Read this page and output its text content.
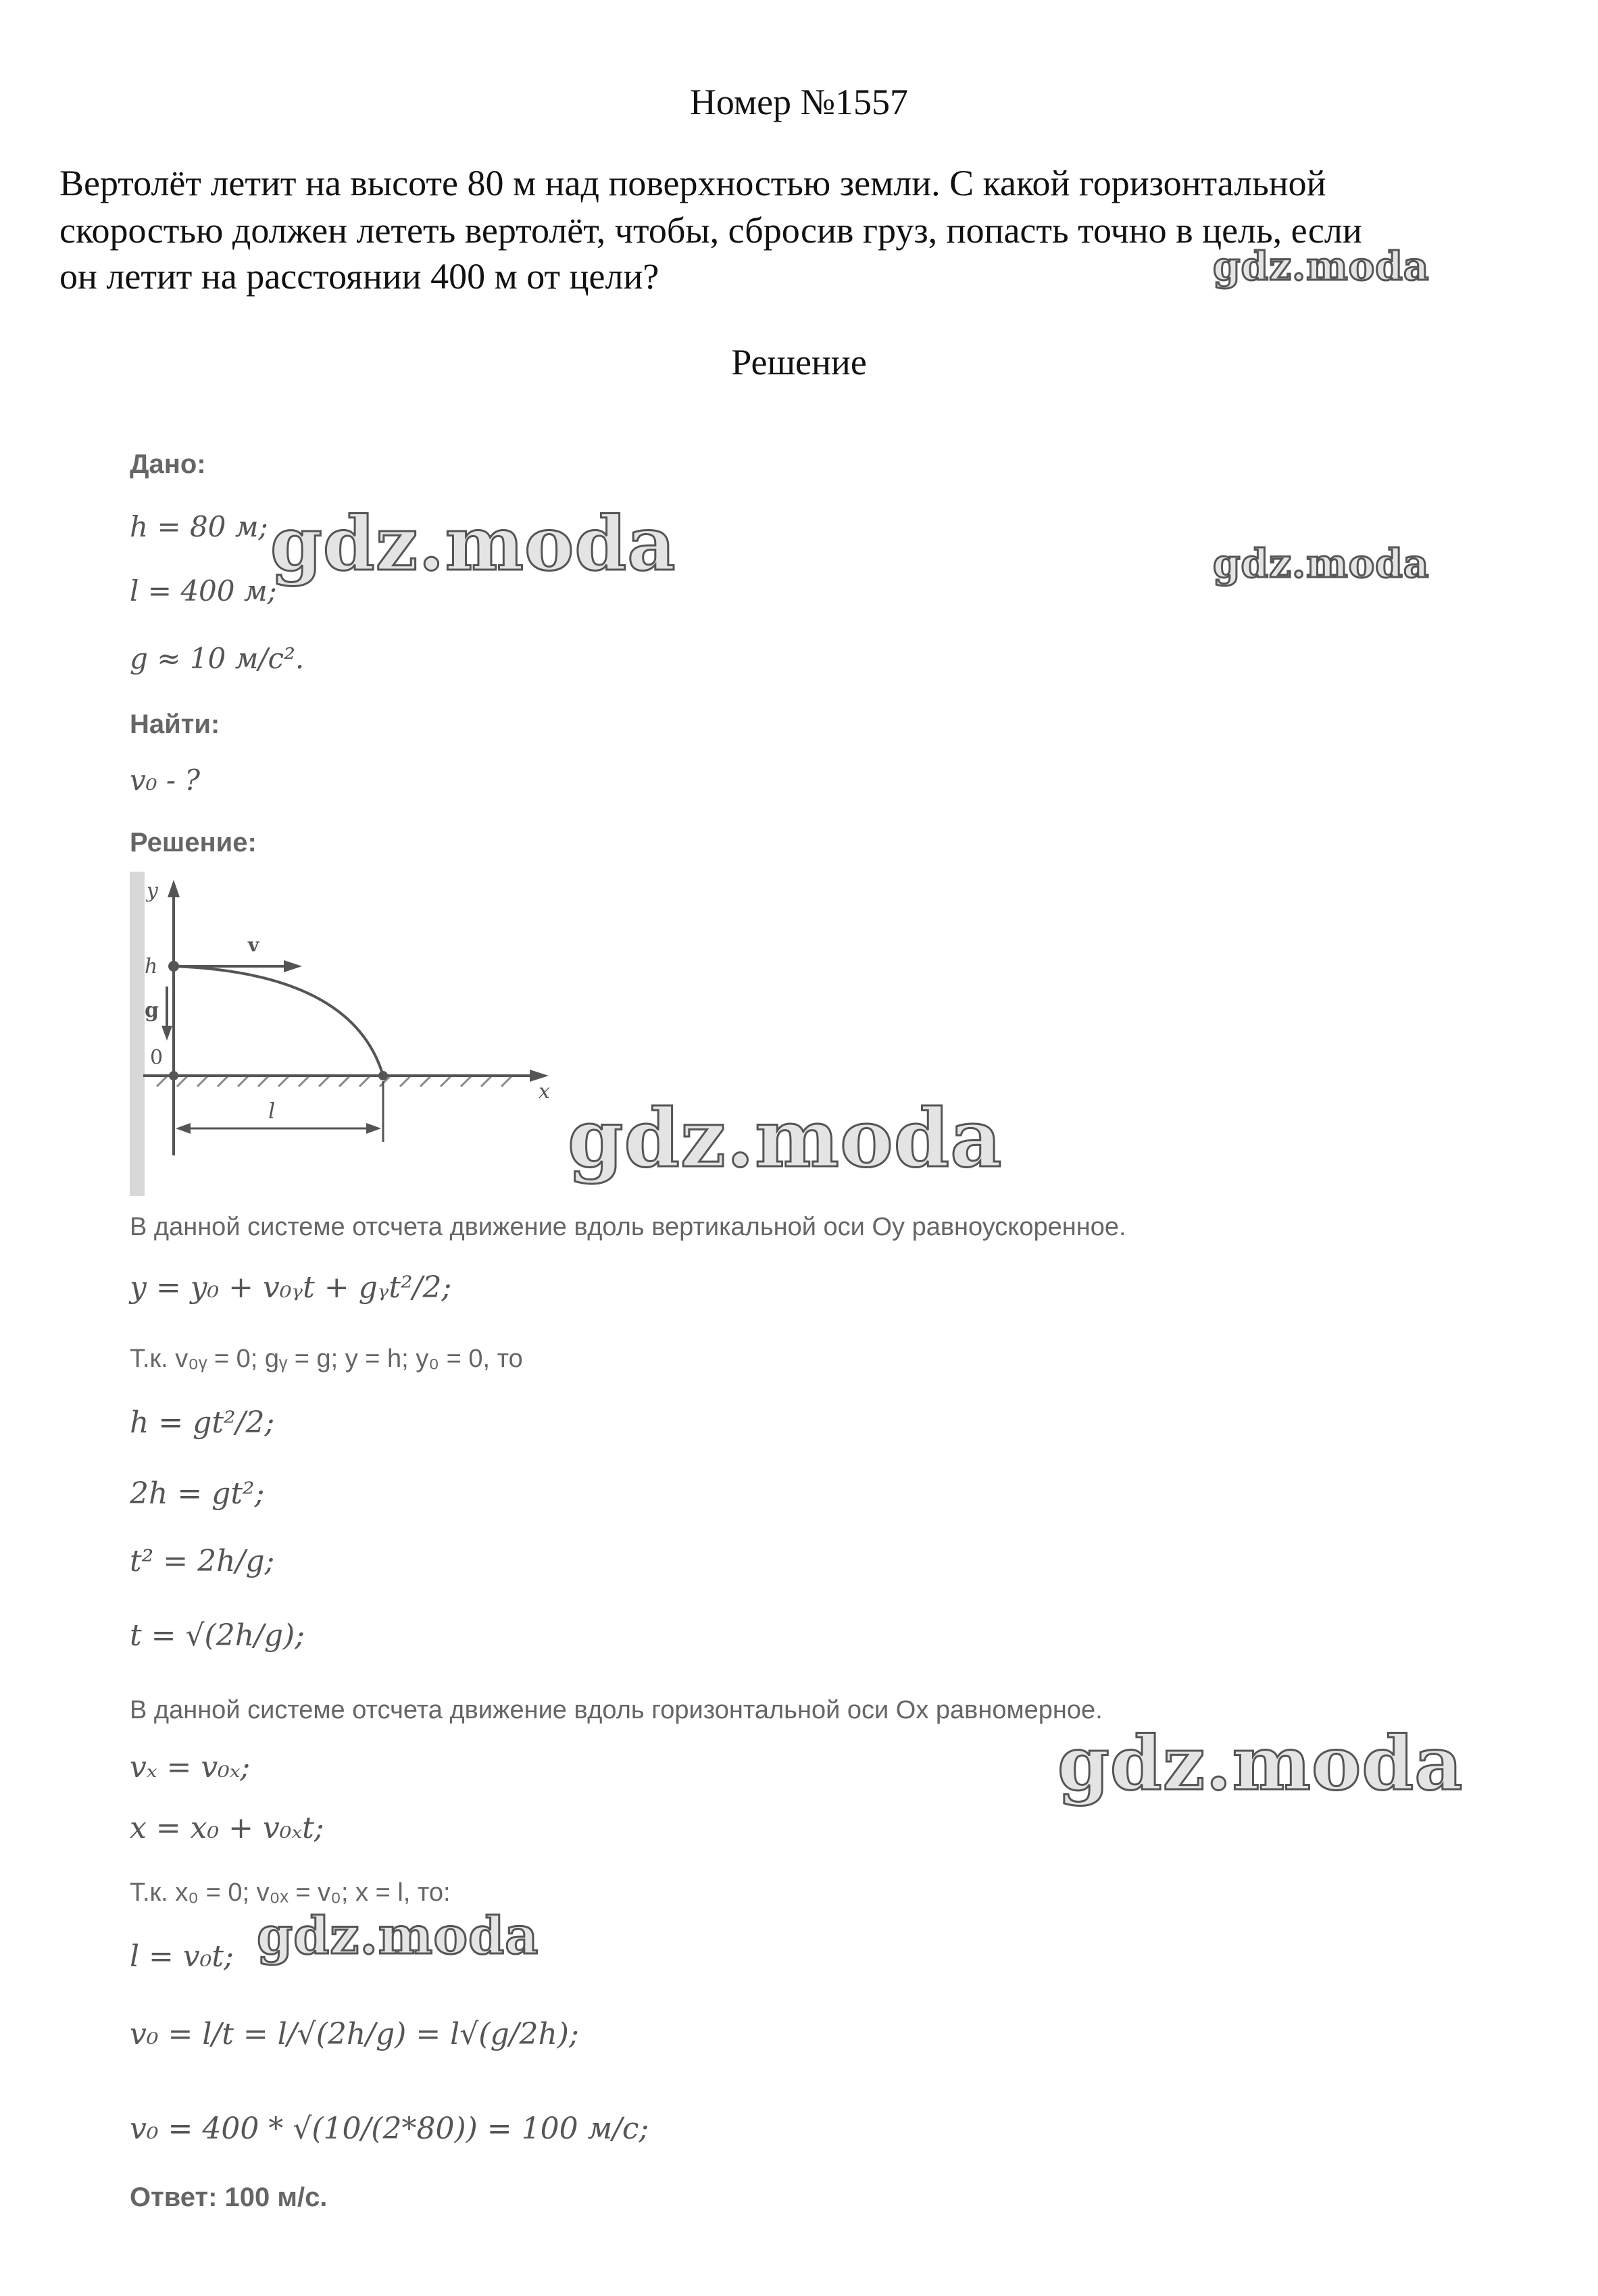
Номер №1557
Вертолёт летит на высоте 80 м над поверхностью земли. С какой горизонтальной
скоростью должен лететь вертолёт, чтобы, сбросив груз, попасть точно в цель, если
он летит на расстоянии 400 м от цели?
Решение
Дано:
h = 80 м;
l = 400 м;
g ≈ 10 м/с².
Найти:
v₀ - ?
Решение:
y
x
v
h
g
0
l
В данной системе отсчета движение вдоль вертикальной оси Oy равноускоренное.
y = y₀ + v₀ᵧt + gᵧt²/2;
Т.к. v₀ᵧ = 0; gᵧ = g; y = h; y₀ = 0, то
h = gt²/2;
2h = gt²;
t² = 2h/g;
t = √(2h/g);
В данной системе отсчета движение вдоль горизонтальной оси Ox равномерное.
vₓ = v₀ₓ;
x = x₀ + v₀ₓt;
Т.к. x₀ = 0; v₀ₓ = v₀; x = l, то:
l = v₀t;
v₀ = l/t = l/√(2h/g) = l√(g/2h);
v₀ = 400 * √(10/(2*80)) = 100 м/с;
Ответ: 100 м/с.
gdz.moda
gdz.moda	gdz.moda
gdz.moda
gdz.moda
gdz.moda
